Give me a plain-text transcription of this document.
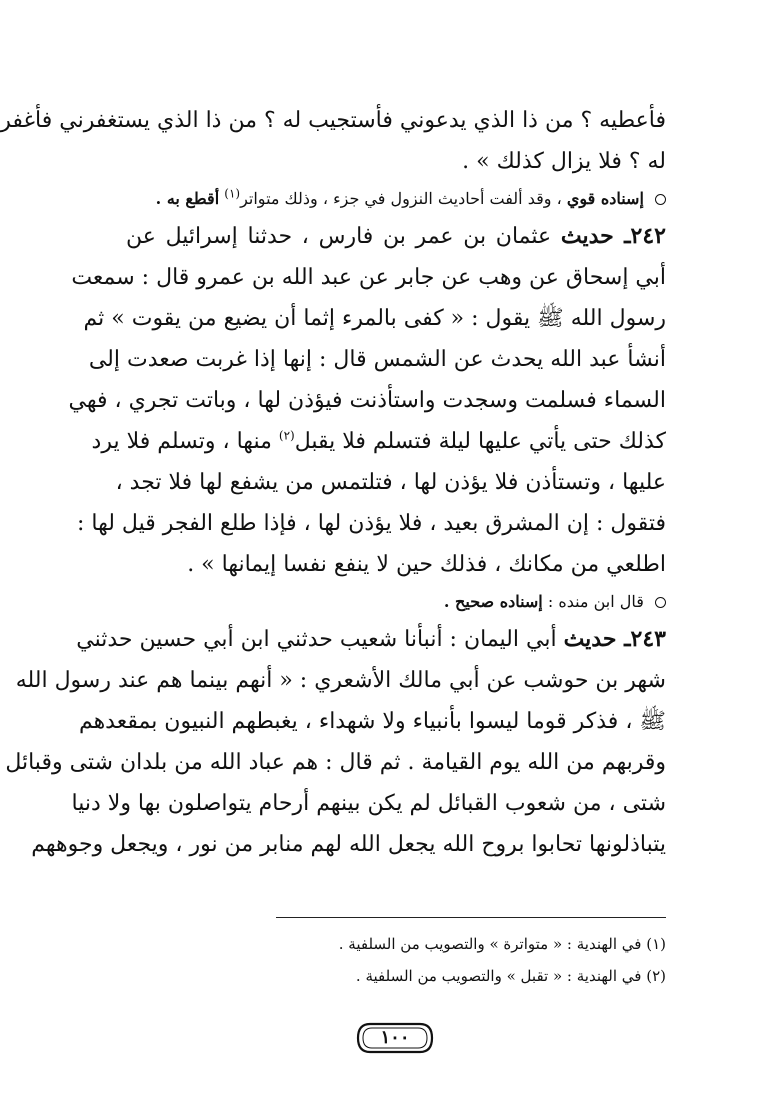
فأعطيه ؟ من ذا الذي يدعوني فأستجيب له ؟ من ذا الذي يستغفرني فأغفر
له ؟ فلا يزال كذلك » .
إسناده قوي ، وقد ألفت أحاديث النزول في جزء ، وذلك متواتر$^{(١)}$ أقطع به .
٢٤٢ـ حديث عثمان بن عمر بن فارس ، حدثنا إسرائيل عن
أبي إسحاق عن وهب عن جابر عن عبد الله بن عمرو قال : سمعت
رسول الله ﷺ يقول : « كفى بالمرء إثما أن يضيع من يقوت » ثم
أنشأ عبد الله يحدث عن الشمس قال : إنها إذا غربت صعدت إلى
السماء فسلمت وسجدت واستأذنت فيؤذن لها ، وباتت تجري ، فهي
كذلك حتى يأتي عليها ليلة فتسلم فلا يقبل$^{(٢)}$ منها ، وتسلم فلا يرد
عليها ، وتستأذن فلا يؤذن لها ، فتلتمس من يشفع لها فلا تجد ،
فتقول : إن المشرق بعيد ، فلا يؤذن لها ، فإذا طلع الفجر قيل لها :
اطلعي من مكانك ، فذلك حين لا ينفع نفسا إيمانها » .
قال ابن منده : إسناده صحيح .
٢٤٣ـ حديث أبي اليمان : أنبأنا شعيب حدثني ابن أبي حسين حدثني
شهر بن حوشب عن أبي مالك الأشعري : « أنهم بينما هم عند رسول الله
ﷺ ، فذكر قوما ليسوا بأنبياء ولا شهداء ، يغبطهم النبيون بمقعدهم
وقربهم من الله يوم القيامة . ثم قال : هم عباد الله من بلدان شتى وقبائل
شتى ، من شعوب القبائل لم يكن بينهم أرحام يتواصلون بها ولا دنيا
يتباذلونها تحابوا بروح الله يجعل الله لهم منابر من نور ، ويجعل وجوههم
(١) في الهندية : « متواترة » والتصويب من السلفية .
(٢) في الهندية : « تقبل » والتصويب من السلفية .
١٠٠
